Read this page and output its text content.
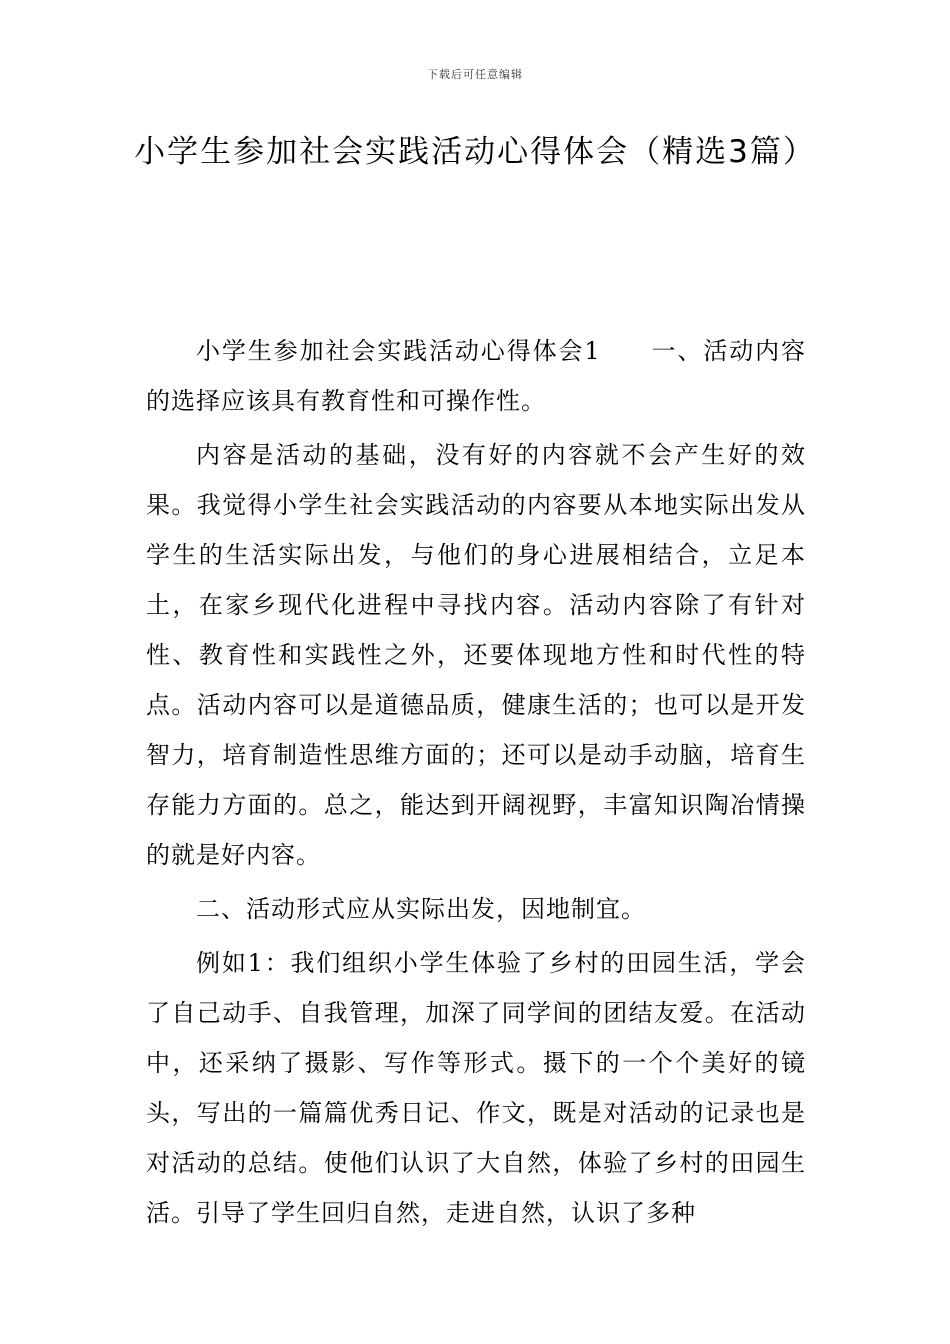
下载后可任意编辑
小学生参加社会实践活动心得体会（精选3篇）

小学生参加社会实践活动心得体会1 一、活动内容的选择应该具有教育性和可操作性。

内容是活动的基础，没有好的内容就不会产生好的效果。我觉得小学生社会实践活动的内容要从本地实际出发从学生的生活实际出发，与他们的身心进展相结合，立足本土，在家乡现代化进程中寻找内容。活动内容除了有针对性、教育性和实践性之外，还要体现地方性和时代性的特点。活动内容可以是道德品质，健康生活的；也可以是开发智力，培育制造性思维方面的；还可以是动手动脑，培育生存能力方面的。总之，能达到开阔视野，丰富知识陶冶情操的就是好内容。

二、活动形式应从实际出发，因地制宜。

例如1：我们组织小学生体验了乡村的田园生活，学会了自己动手、自我管理，加深了同学间的团结友爱。在活动中，还采纳了摄影、写作等形式。摄下的一个个美好的镜头，写出的一篇篇优秀日记、作文，既是对活动的记录也是对活动的总结。使他们认识了大自然，体验了乡村的田园生活。引导了学生回归自然，走进自然，认识了多种
